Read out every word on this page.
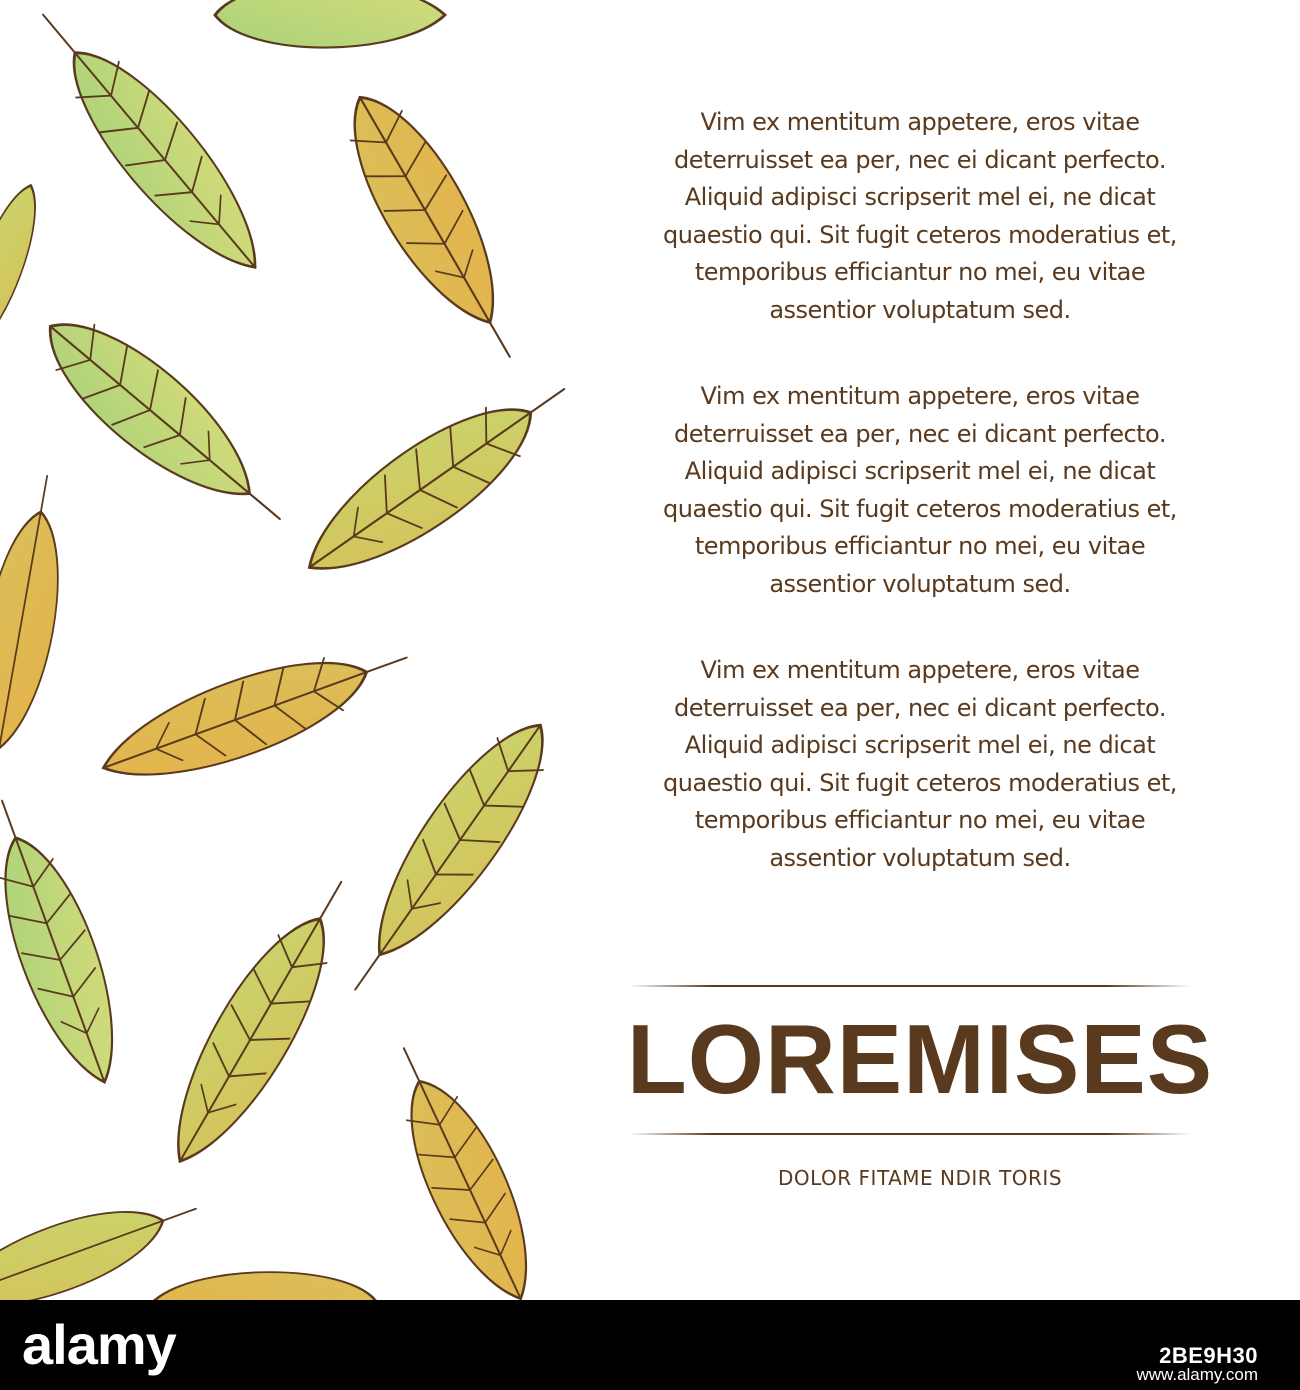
Vim ex mentitum appetere, eros vitae
deterruisset ea per, nec ei dicant perfecto.
Aliquid adipisci scripserit mel ei, ne dicat
quaestio qui. Sit fugit ceteros moderatius et,
temporibus efficiantur no mei, eu vitae
assentior voluptatum sed.

Vim ex mentitum appetere, eros vitae
deterruisset ea per, nec ei dicant perfecto.
Aliquid adipisci scripserit mel ei, ne dicat
quaestio qui. Sit fugit ceteros moderatius et,
temporibus efficiantur no mei, eu vitae
assentior voluptatum sed.

Vim ex mentitum appetere, eros vitae
deterruisset ea per, nec ei dicant perfecto.
Aliquid adipisci scripserit mel ei, ne dicat
quaestio qui. Sit fugit ceteros moderatius et,
temporibus efficiantur no mei, eu vitae
assentior voluptatum sed.

LOREMISES
DOLOR FITAME NDIR TORIS
alamy	2BE9H30
www.alamy.com
